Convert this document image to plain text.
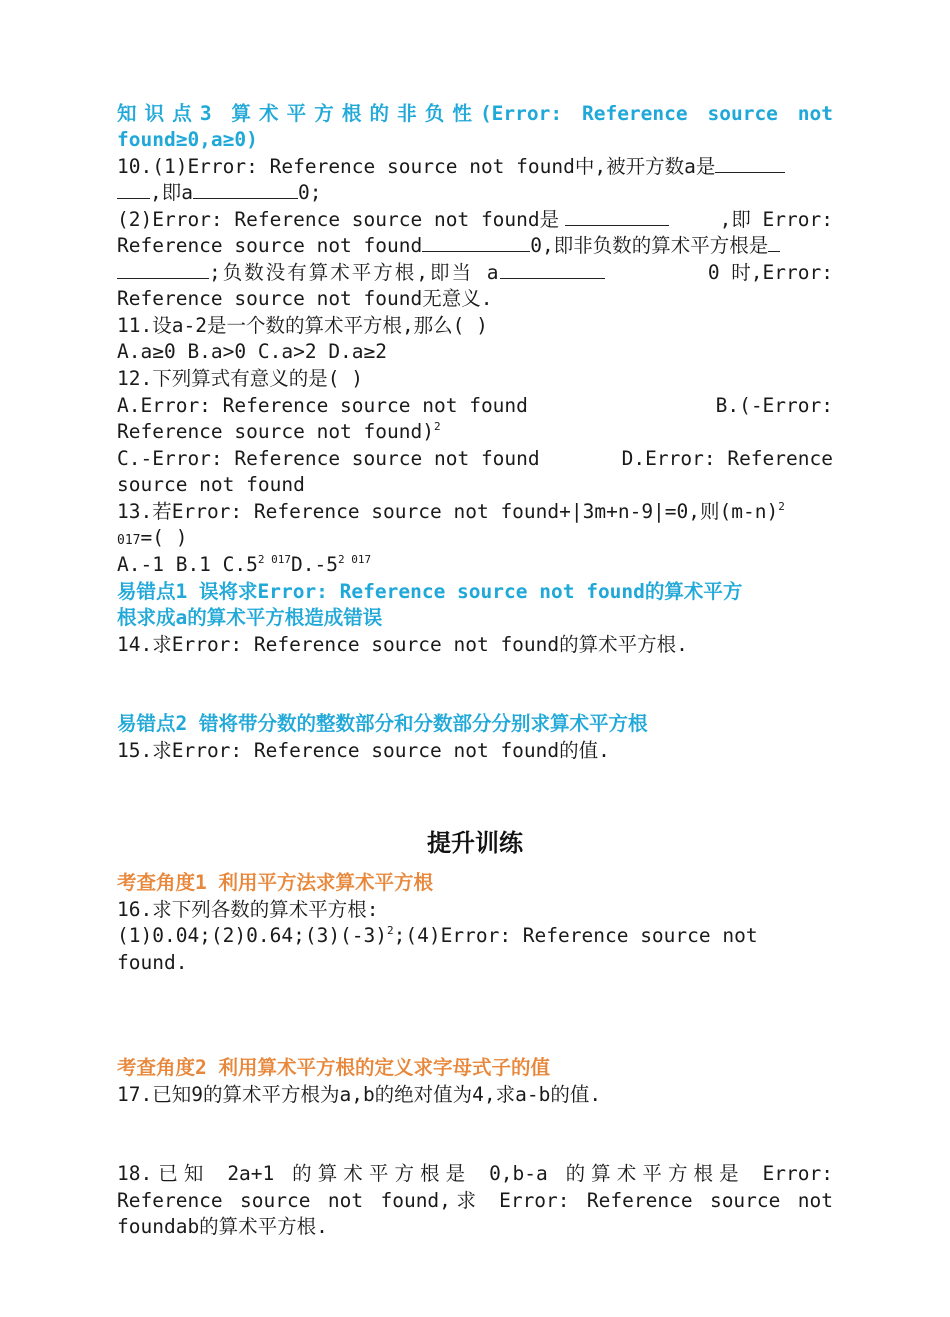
知识点3 算术平方根的非负性(Error: Reference source not
found≥0,a≥0)
10.(1)Error: Reference source not found中,被开方数a是
,即a	0;
(2)Error: Reference source not found是	,即 Error:
Reference source not found	0,即非负数的算术平方根是
;负数没有算术平方根,即当 a	0 时,Error:
Reference source not found无意义.
11.设a-2是一个数的算术平方根,那么( )
A.a≥0 B.a>0 C.a>2 D.a≥2
12.下列算式有意义的是( )
A.Error: Reference source not found	B.(-Error:
Reference source not found)$^2$
C.-Error: Reference source not found	D.Error: Reference
source not found
13.若Error: Reference source not found+|3m+n-9|=0,则$(m-n)^2$
017=( )
A.-1 B.1 $C.5^{2 017}D.-5^{2 017}$
易错点1 误将求Error: Reference source not found的算术平方
根求成a的算术平方根造成错误
14.求Error: Reference source not found的算术平方根.
易错点2 错将带分数的整数部分和分数部分分别求算术平方根
15.求Error: Reference source not found的值.
提升训练
考查角度1 利用平方法求算术平方根
16.求下列各数的算术平方根:
$(1)0.04;(2)0.64;(3)(-3)^2;(4)Error$: Reference source not
found.
考查角度2 利用算术平方根的定义求字母式子的值
17.已知9的算术平方根为a,b的绝对值为4,求a-b的值.
18.已知 2a+1 的算术平方根是 0,b-a 的算术平方根是 Error:
Reference source not found,求 Error: Reference source not
foundab的算术平方根.
